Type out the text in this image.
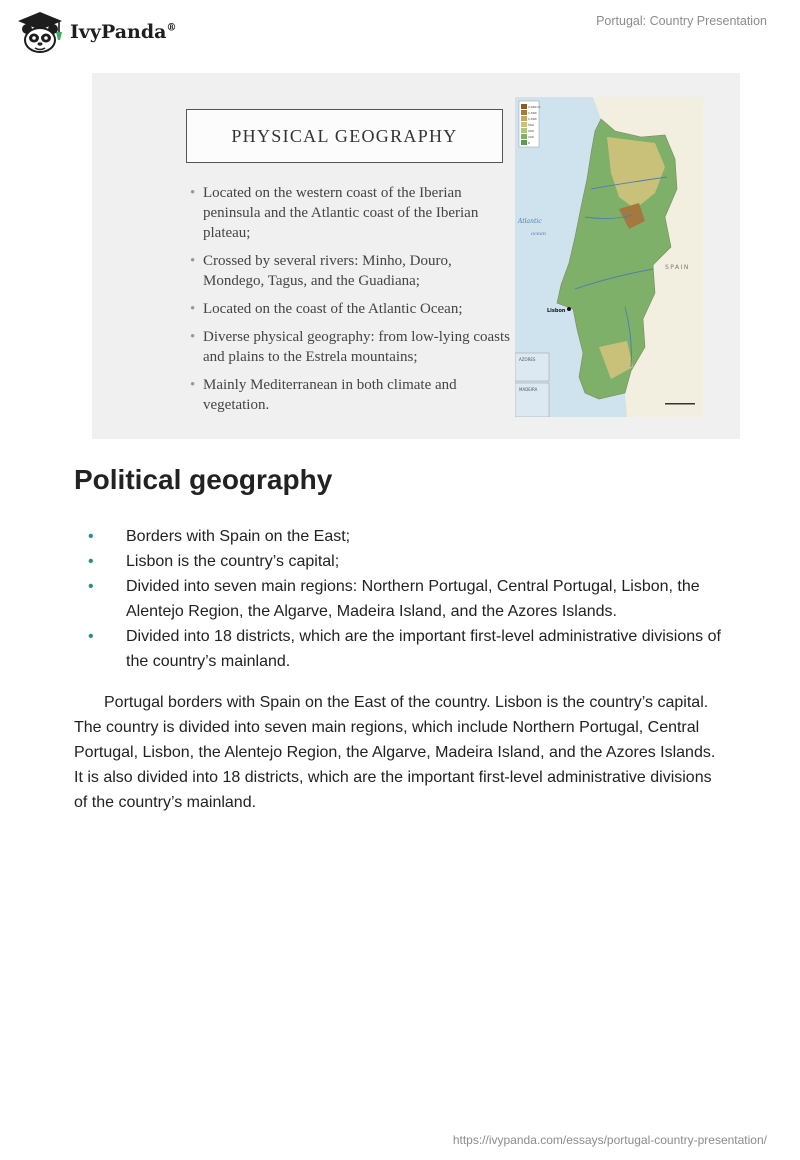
IvyPanda®
Portugal: Country Presentation
PHYSICAL GEOGRAPHY
• Located on the western coast of the Iberian peninsula and the Atlantic coast of the Iberian plateau;
• Crossed by several rivers: Minho, Douro, Mondego, Tagus, and the Guadiana;
• Located on the coast of the Atlantic Ocean;
• Diverse physical geography: from low-lying coasts and plains to the Estrela mountains;
• Mainly Mediterranean in both climate and vegetation.
2,000 m
1,500
1,000
500
200
100
0
Atlantic
ocean
SPAIN
Lisbon
AZORES
MADEIRA
Political geography
• Borders with Spain on the East;
• Lisbon is the country’s capital;
• Divided into seven main regions: Northern Portugal, Central Portugal, Lisbon, the Alentejo Region, the Algarve, Madeira Island, and the Azores Islands.
• Divided into 18 districts, which are the important first-level administrative divisions of the country’s mainland.

Portugal borders with Spain on the East of the country. Lisbon is the country’s capital. The country is divided into seven main regions, which include Northern Portugal, Central Portugal, Lisbon, the Alentejo Region, the Algarve, Madeira Island, and the Azores Islands. It is also divided into 18 districts, which are the important first-level administrative divisions of the country’s mainland.

https://ivypanda.com/essays/portugal-country-presentation/
